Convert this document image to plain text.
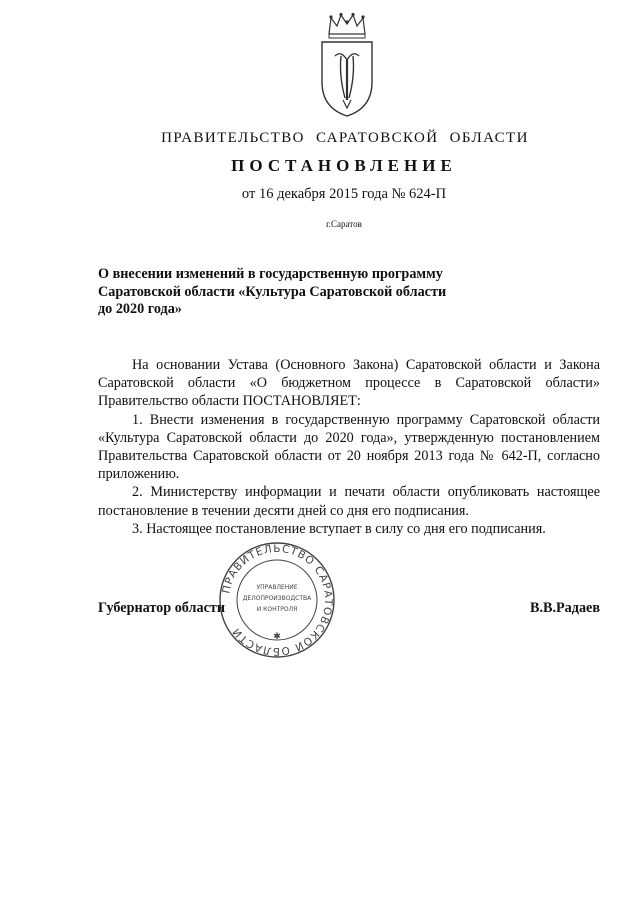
ПРАВИТЕЛЬСТВО САРАТОВСКОЙ ОБЛАСТИ
ПОСТАНОВЛЕНИЕ
от 16 декабря 2015 года № 624-П
г.Саратов
О внесении изменений в государственную программу
Саратовской области «Культура Саратовской области
до 2020 года»

На основании Устава (Основного Закона) Саратовской области и Закона Саратовской области «О бюджетном процессе в Саратовской области» Правительство области ПОСТАНОВЛЯЕТ:

1. Внести изменения в государственную программу Саратовской области «Культура Саратовской области до 2020 года», утвержденную постановлением Правительства Саратовской области от 20 ноября 2013 года № 642-П, согласно приложению.

2. Министерству информации и печати области опубликовать настоящее постановление в течении десяти дней со дня его подписания.

3. Настоящее постановление вступает в силу со дня его подписания.

ПРАВИТЕЛЬСТВО САРАТОВСКОЙ ОБЛАСТИ
УПРАВЛЕНИЕ
ДЕЛОПРОИЗВОДСТВА
И КОНТРОЛЯ
✱
Губернатор области	В.В.Радаев
